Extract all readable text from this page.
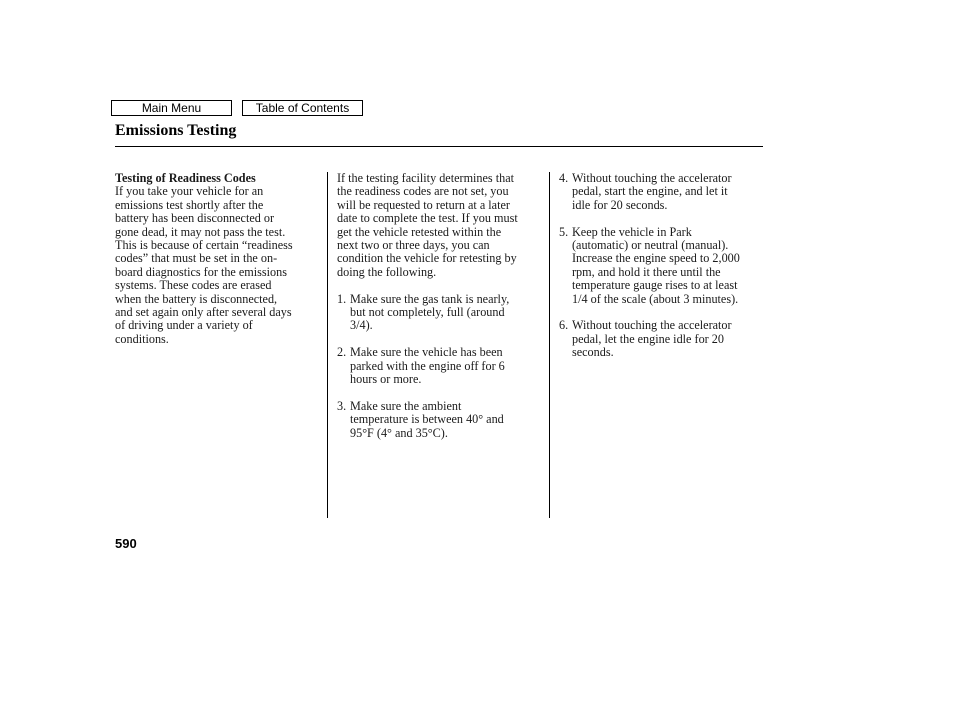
Main Menu	Table of Contents
Emissions Testing
Testing of Readiness Codes
If you take your vehicle for an
emissions test shortly after the
battery has been disconnected or
gone dead, it may not pass the test.
This is because of certain “readiness
codes” that must be set in the on-
board diagnostics for the emissions
systems. These codes are erased
when the battery is disconnected,
and set again only after several days
of driving under a variety of
conditions.
If the testing facility determines that
the readiness codes are not set, you
will be requested to return at a later
date to complete the test. If you must
get the vehicle retested within the
next two or three days, you can
condition the vehicle for retesting by
doing the following.
1. Make sure the gas tank is nearly,
but not completely, full (around
3/4).
2. Make sure the vehicle has been
parked with the engine off for 6
hours or more.
3. Make sure the ambient
temperature is between 40° and
95°F (4° and 35°C).
4. Without touching the accelerator
pedal, start the engine, and let it
idle for 20 seconds.
5. Keep the vehicle in Park
(automatic) or neutral (manual).
Increase the engine speed to 2,000
rpm, and hold it there until the
temperature gauge rises to at least
1/4 of the scale (about 3 minutes).
6. Without touching the accelerator
pedal, let the engine idle for 20
seconds.
590
